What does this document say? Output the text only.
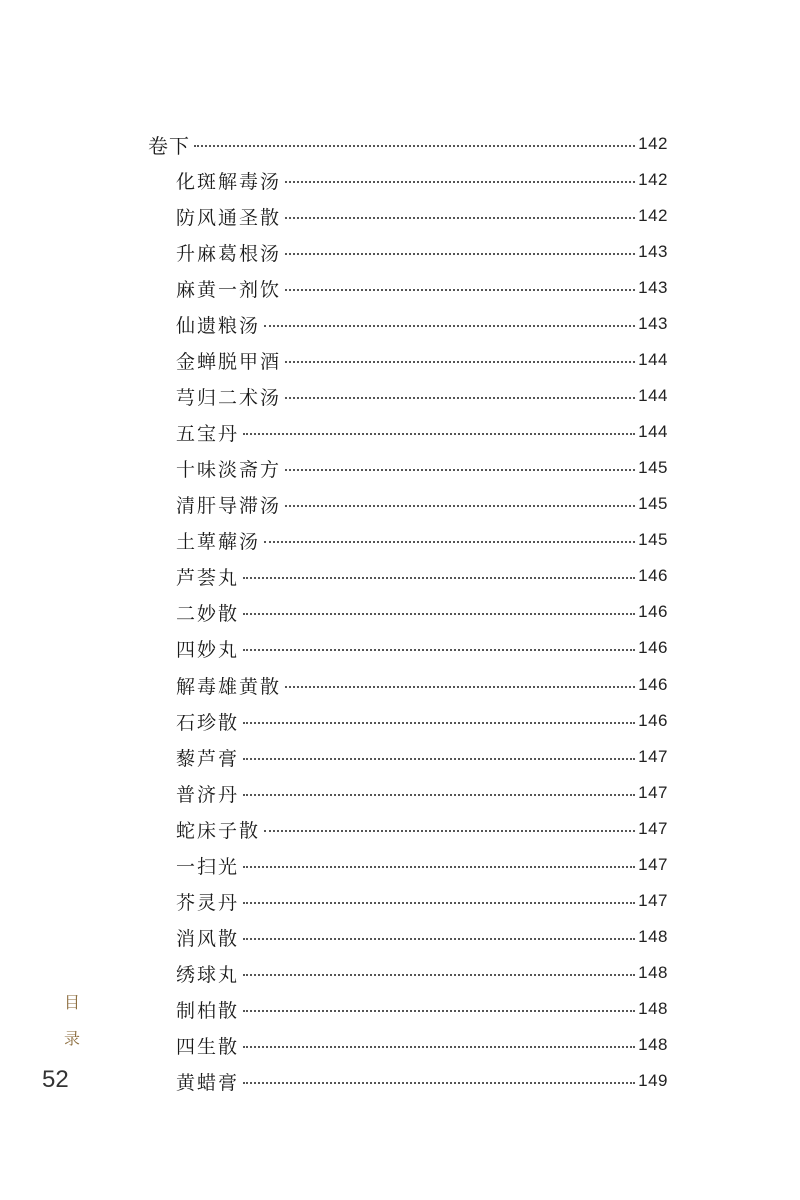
卷下	142
化斑解毒汤	142
防风通圣散	142
升麻葛根汤	143
麻黄一剂饮	143
仙遗粮汤	143
金蝉脱甲酒	144
芎归二术汤	144
五宝丹	144
十味淡斋方	145
清肝导滞汤	145
土萆薢汤	145
芦荟丸	146
二妙散	146
四妙丸	146
解毒雄黄散	146
石珍散	146
藜芦膏	147
普济丹	147
蛇床子散	147
一扫光	147
芥灵丹	147
消风散	148
绣球丸	148
制柏散	148
四生散	148
黄蜡膏	149
目
录
52
